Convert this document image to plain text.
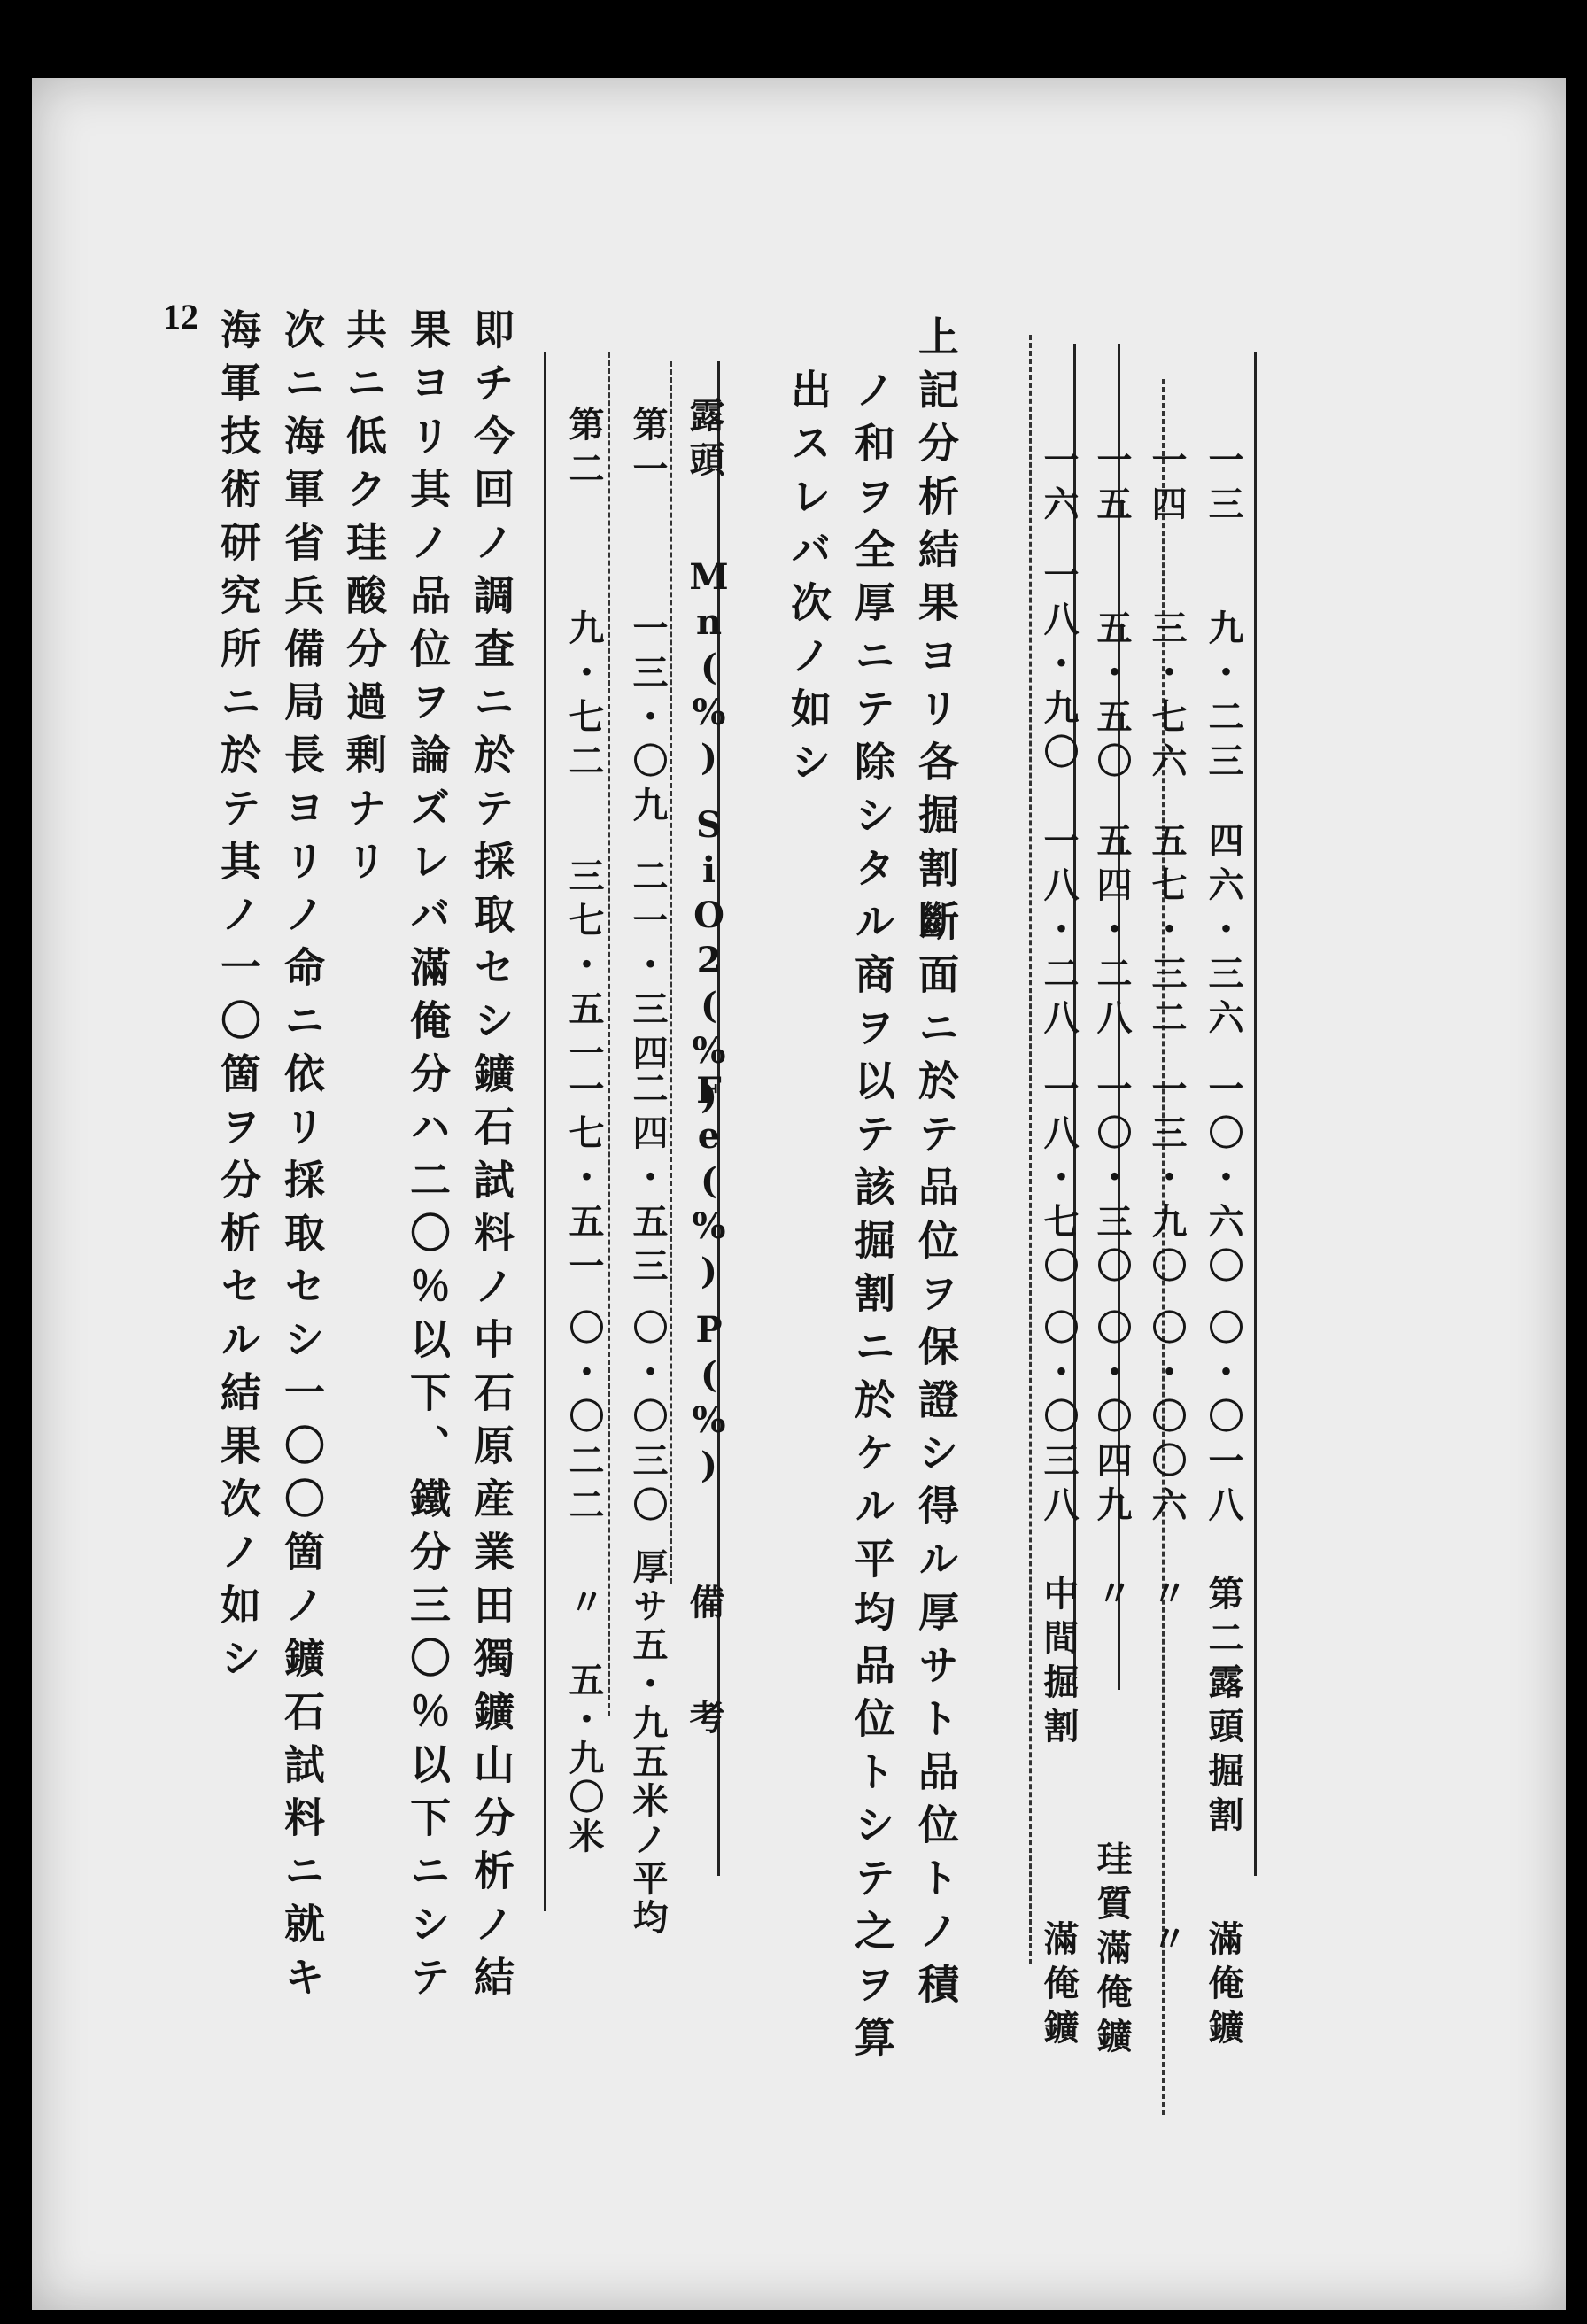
12
一三
九・二三
四六・三六
一〇・六〇
〇・〇一八
第二露頭掘割
滿俺鑛
一四
三・七六
五七・三二
一三・九〇
〇・〇〇六
〃
〃
一五
五・五〇
五四・二八
一〇・三〇
〇・〇四九
〃
珪質滿俺鑛
一六
一八・九〇
一八・二八
一八・七〇
〇・〇三八
中間掘割
滿俺鑛
上記分析結果ヨリ各掘割斷面ニ於テ品位ヲ保證シ得ル厚サト品位トノ積
ノ和ヲ全厚ニテ除シタル商ヲ以テ該掘割ニ於ケル平均品位トシテ之ヲ算
出スレバ次ノ如シ
露頭
Mn(%)
SiO2(%)
Fe(%)
P(%)
備考
第一
一三・〇九
二一・三四
二四・五三
〇・〇三〇
厚サ五・九五米ノ平均
第二
九・七二
三七・五一
一七・五一
〇・〇二二
〃　五・九〇米
即チ今回ノ調査ニ於テ採取セシ鑛石試料ノ中石原産業田獨鑛山分析ノ結
果ヨリ其ノ品位ヲ論ズレバ滿俺分ハ二〇％以下、鐵分三〇％以下ニシテ
共ニ低ク珪酸分過剰ナリ
次ニ海軍省兵備局長ヨリノ命ニ依リ採取セシ一〇〇箇ノ鑛石試料ニ就キ
海軍技術研究所ニ於テ其ノ一〇箇ヲ分析セル結果次ノ如シ
